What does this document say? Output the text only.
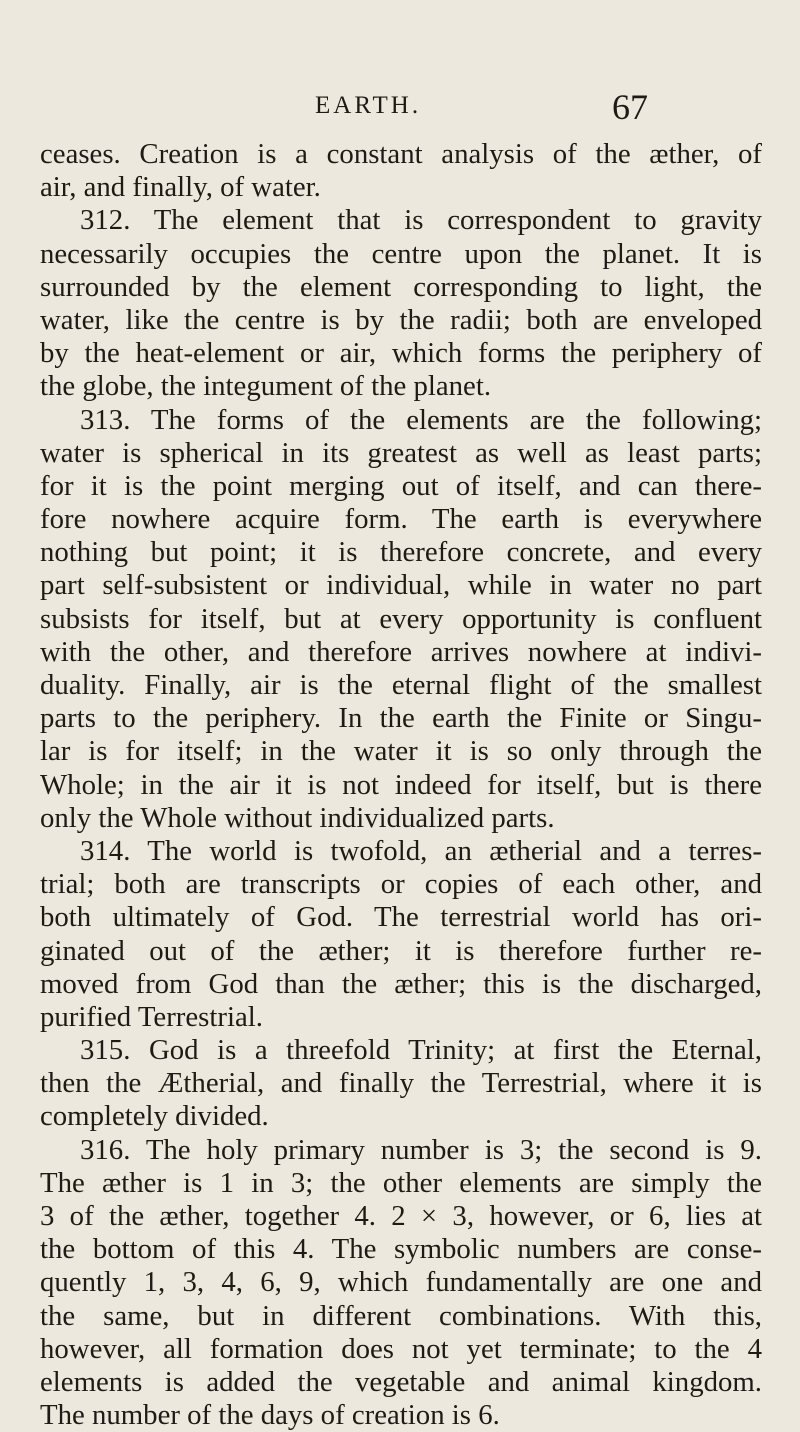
EARTH.	67
ceases. Creation is a constant analysis of the æther, of
air, and finally, of water.
312. The element that is correspondent to gravity
necessarily occupies the centre upon the planet. It is
surrounded by the element corresponding to light, the
water, like the centre is by the radii; both are enveloped
by the heat-element or air, which forms the periphery of
the globe, the integument of the planet.
313. The forms of the elements are the following;
water is spherical in its greatest as well as least parts;
for it is the point merging out of itself, and can there-
fore nowhere acquire form. The earth is everywhere
nothing but point; it is therefore concrete, and every
part self-subsistent or individual, while in water no part
subsists for itself, but at every opportunity is confluent
with the other, and therefore arrives nowhere at indivi-
duality. Finally, air is the eternal flight of the smallest
parts to the periphery. In the earth the Finite or Singu-
lar is for itself; in the water it is so only through the
Whole; in the air it is not indeed for itself, but is there
only the Whole without individualized parts.
314. The world is twofold, an ætherial and a terres-
trial; both are transcripts or copies of each other, and
both ultimately of God. The terrestrial world has ori-
ginated out of the æther; it is therefore further re-
moved from God than the æther; this is the discharged,
purified Terrestrial.
315. God is a threefold Trinity; at first the Eternal,
then the Ætherial, and finally the Terrestrial, where it is
completely divided.
316. The holy primary number is 3; the second is 9.
The æther is 1 in 3; the other elements are simply the
3 of the æther, together 4. 2 × 3, however, or 6, lies at
the bottom of this 4. The symbolic numbers are conse-
quently 1, 3, 4, 6, 9, which fundamentally are one and
the same, but in different combinations. With this,
however, all formation does not yet terminate; to the 4
elements is added the vegetable and animal kingdom.
The number of the days of creation is 6.
